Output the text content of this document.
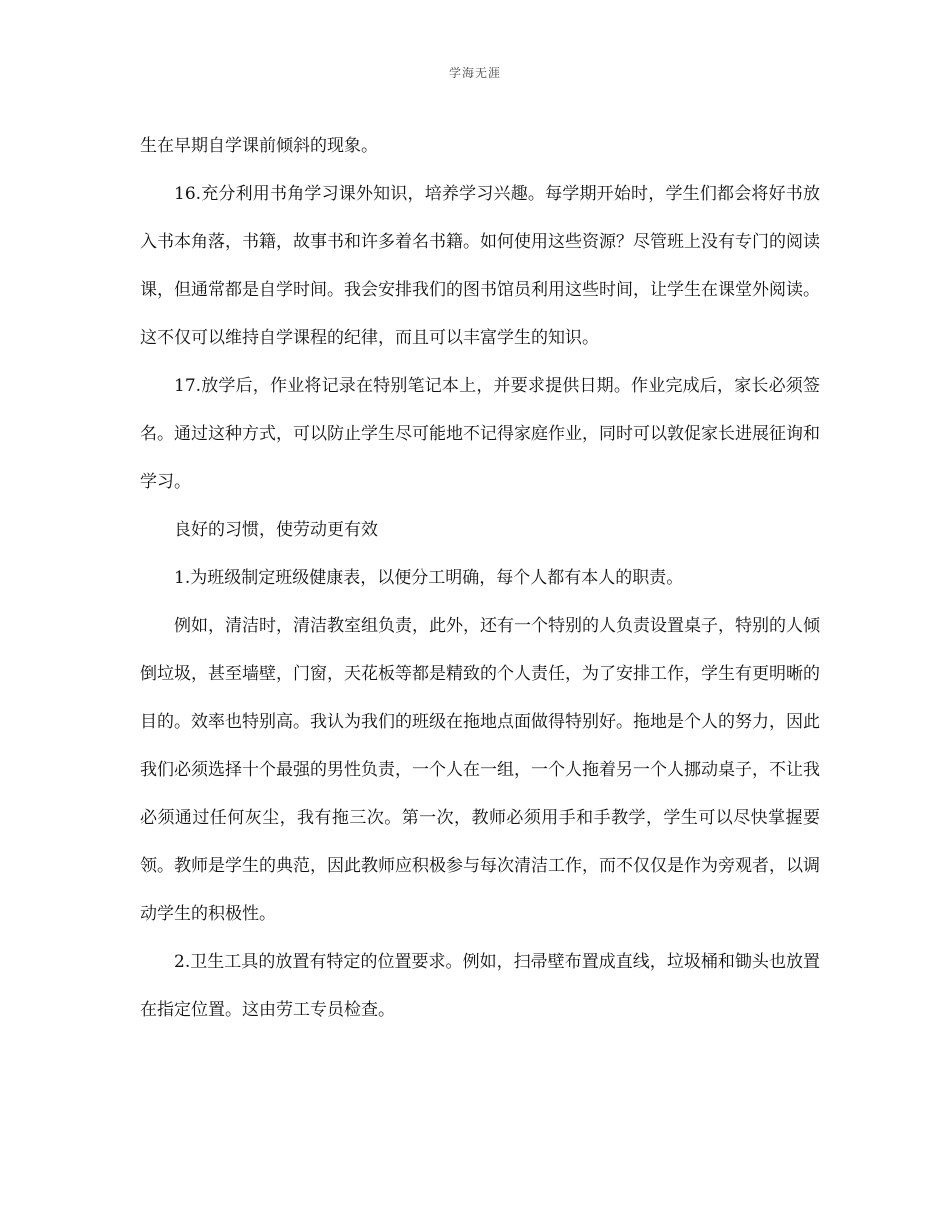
学海无涯

生在早期自学课前倾斜的现象。

16.充分利用书角学习课外知识，培养学习兴趣。每学期开始时，学生们都会将好书放入书本角落，书籍，故事书和许多着名书籍。如何使用这些资源？尽管班上没有专门的阅读课，但通常都是自学时间。我会安排我们的图书馆员利用这些时间，让学生在课堂外阅读。这不仅可以维持自学课程的纪律，而且可以丰富学生的知识。

17.放学后，作业将记录在特别笔记本上，并要求提供日期。作业完成后，家长必须签名。通过这种方式，可以防止学生尽可能地不记得家庭作业，同时可以敦促家长进展征询和学习。

良好的习惯，使劳动更有效

1.为班级制定班级健康表，以便分工明确，每个人都有本人的职责。

例如，清洁时，清洁教室组负责，此外，还有一个特别的人负责设置桌子，特别的人倾倒垃圾，甚至墙壁，门窗，天花板等都是精致的个人责任，为了安排工作，学生有更明晰的目的。效率也特别高。我认为我们的班级在拖地点面做得特别好。拖地是个人的努力，因此我们必须选择十个最强的男性负责，一个人在一组，一个人拖着另一个人挪动桌子，不让我必须通过任何灰尘，我有拖三次。第一次，教师必须用手和手教学，学生可以尽快掌握要领。教师是学生的典范，因此教师应积极参与每次清洁工作，而不仅仅是作为旁观者，以调动学生的积极性。

2.卫生工具的放置有特定的位置要求。例如，扫帚壁布置成直线，垃圾桶和锄头也放置在指定位置。这由劳工专员检查。
